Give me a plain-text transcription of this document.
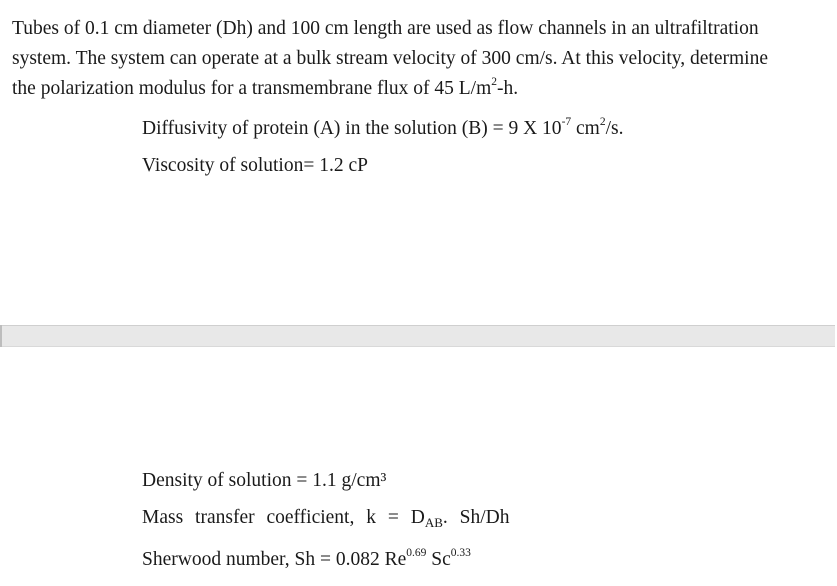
Tubes of 0.1 cm diameter (Dh) and 100 cm length are used as flow channels in an ultrafiltration
system. The system can operate at a bulk stream velocity of 300 cm/s. At this velocity, determine
the polarization modulus for a transmembrane flux of 45 $L/m^2-h$.

Diffusivity of protein (A) in the solution (B) = 9 X $10^{-7}$ $cm^2/s$.
Viscosity of solution= 1.2 cP
Density of solution = 1.1 g/cm³
Mass transfer coefficient, $k = D_{AB}$. Sh/Dh
Sherwood number, Sh = 0.082 $Re^{0.69}$ $Sc^{0.33}$
